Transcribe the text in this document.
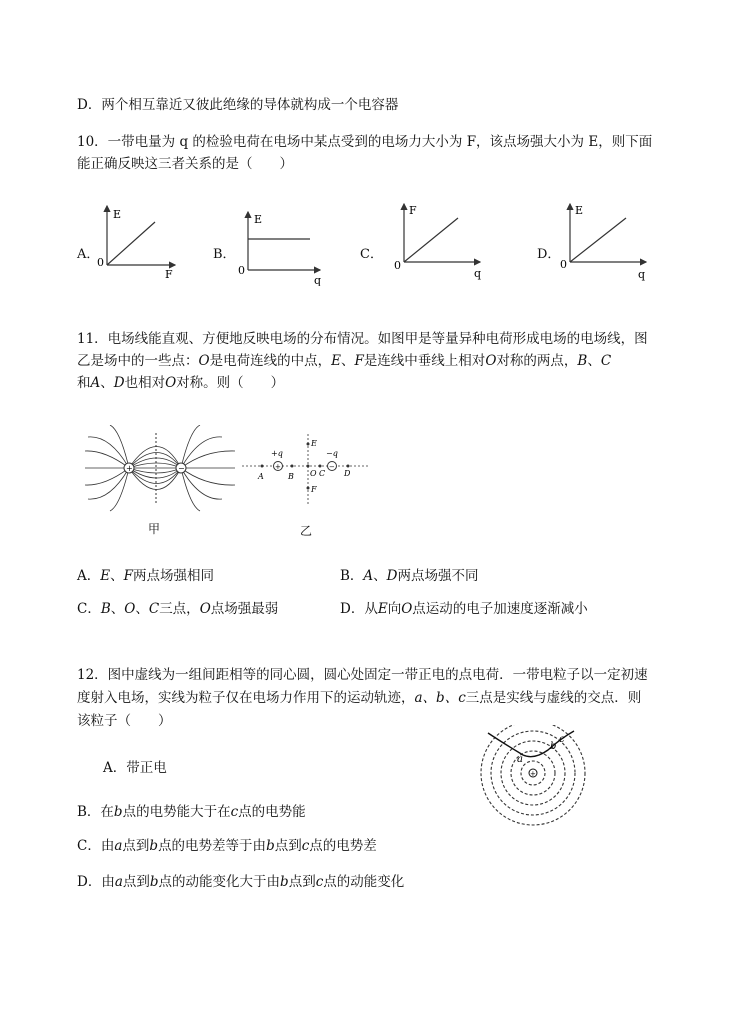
D．两个相互靠近又彼此绝缘的导体就构成一个电容器
10．一带电量为 q 的检验电荷在电场中某点受到的电场力大小为 F，该点场强大小为 E，则下面
能正确反映这三者关系的是（　　）
A．
E
0
F
B．
E
0
q
C．
F
0
q
D．
E
0
q
11．电场线能直观、方便地反映电场的分布情况。如图甲是等量异种电荷形成电场的电场线，图
乙是场中的一些点：O是电荷连线的中点，E、F是连线中垂线上相对O对称的两点，B、C
和A、D也相对O对称。则（　　）
+	−
甲
+	−
+q	−q
A	B O C D
E
F
乙
A．E、F两点场强相同	B．A、D两点场强不同
C．B、O、C三点，O点场强最弱	D．从E向O点运动的电子加速度逐渐减小
12．图中虚线为一组间距相等的同心圆，圆心处固定一带正电的点电荷．一带电粒子以一定初速
度射入电场，实线为粒子仅在电场力作用下的运动轨迹，a、b、c三点是实线与虚线的交点．则
该粒子（　　）
+
a
b
c
A．带正电
B．在b点的电势能大于在c点的电势能
C．由a点到b点的电势差等于由b点到c点的电势差
D．由a点到b点的动能变化大于由b点到c点的动能变化
